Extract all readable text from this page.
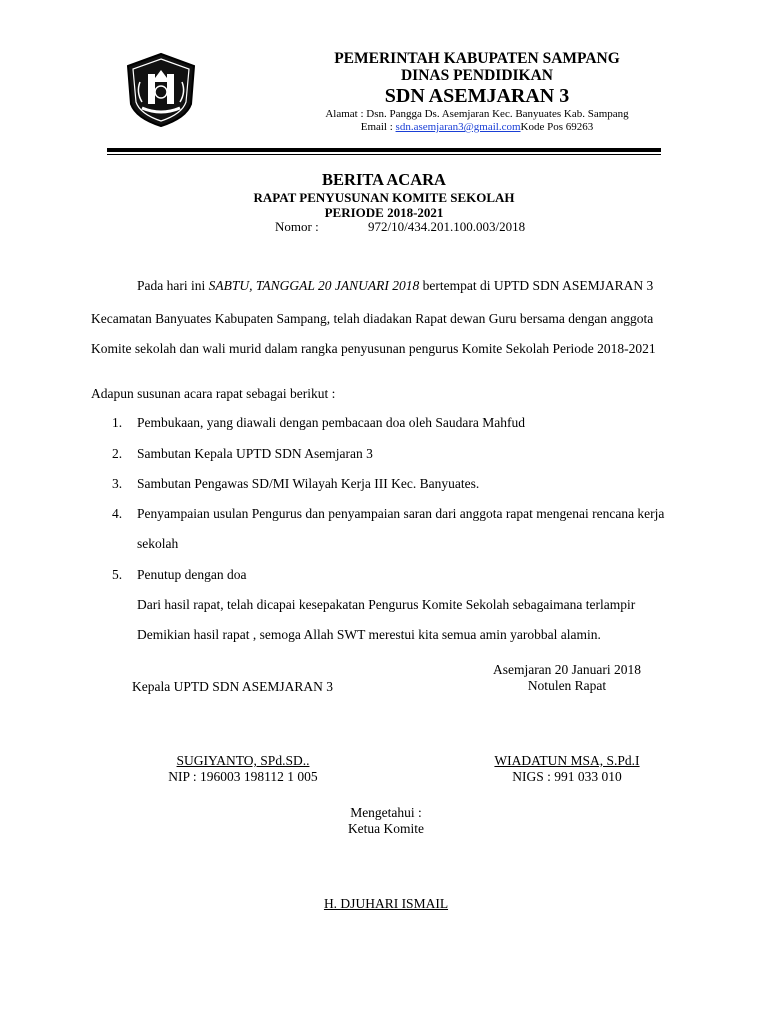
PEMERINTAH KABUPATEN SAMPANG
DINAS PENDIDIKAN
SDN ASEMJARAN 3
Alamat : Dsn. Pangga Ds. Asemjaran Kec. Banyuates Kab. Sampang
Email : sdn.asemjaran3@gmail.comKode Pos 69263
BERITA ACARA
RAPAT PENYUSUNAN KOMITE SEKOLAH
PERIODE 2018-2021
Nomor :	972/10/434.201.100.003/2018
Pada hari ini SABTU, TANGGAL 20 JANUARI 2018 bertempat di UPTD SDN ASEMJARAN 3
Kecamatan Banyuates Kabupaten Sampang, telah diadakan Rapat dewan Guru bersama dengan anggota
Komite sekolah dan wali murid dalam rangka penyusunan pengurus Komite Sekolah Periode 2018-2021
Adapun susunan acara rapat sebagai berikut :
1. Pembukaan, yang diawali dengan pembacaan doa oleh Saudara Mahfud
2. Sambutan Kepala UPTD SDN Asemjaran 3
3. Sambutan Pengawas SD/MI Wilayah Kerja III Kec. Banyuates.
4. Penyampaian usulan Pengurus dan penyampaian saran dari anggota rapat mengenai rencana kerja
sekolah
5. Penutup dengan doa
Dari hasil rapat, telah dicapai kesepakatan Pengurus Komite Sekolah sebagaimana terlampir
Demikian hasil rapat , semoga Allah SWT merestui kita semua amin yarobbal alamin.
Asemjaran 20 Januari 2018
Notulen Rapat
Kepala UPTD SDN ASEMJARAN 3
SUGIYANTO, SPd.SD..
NIP : 196003 198112 1 005
WIADATUN MSA, S.Pd.I
NIGS : 991 033 010
Mengetahui :
Ketua Komite
H. DJUHARI ISMAIL
